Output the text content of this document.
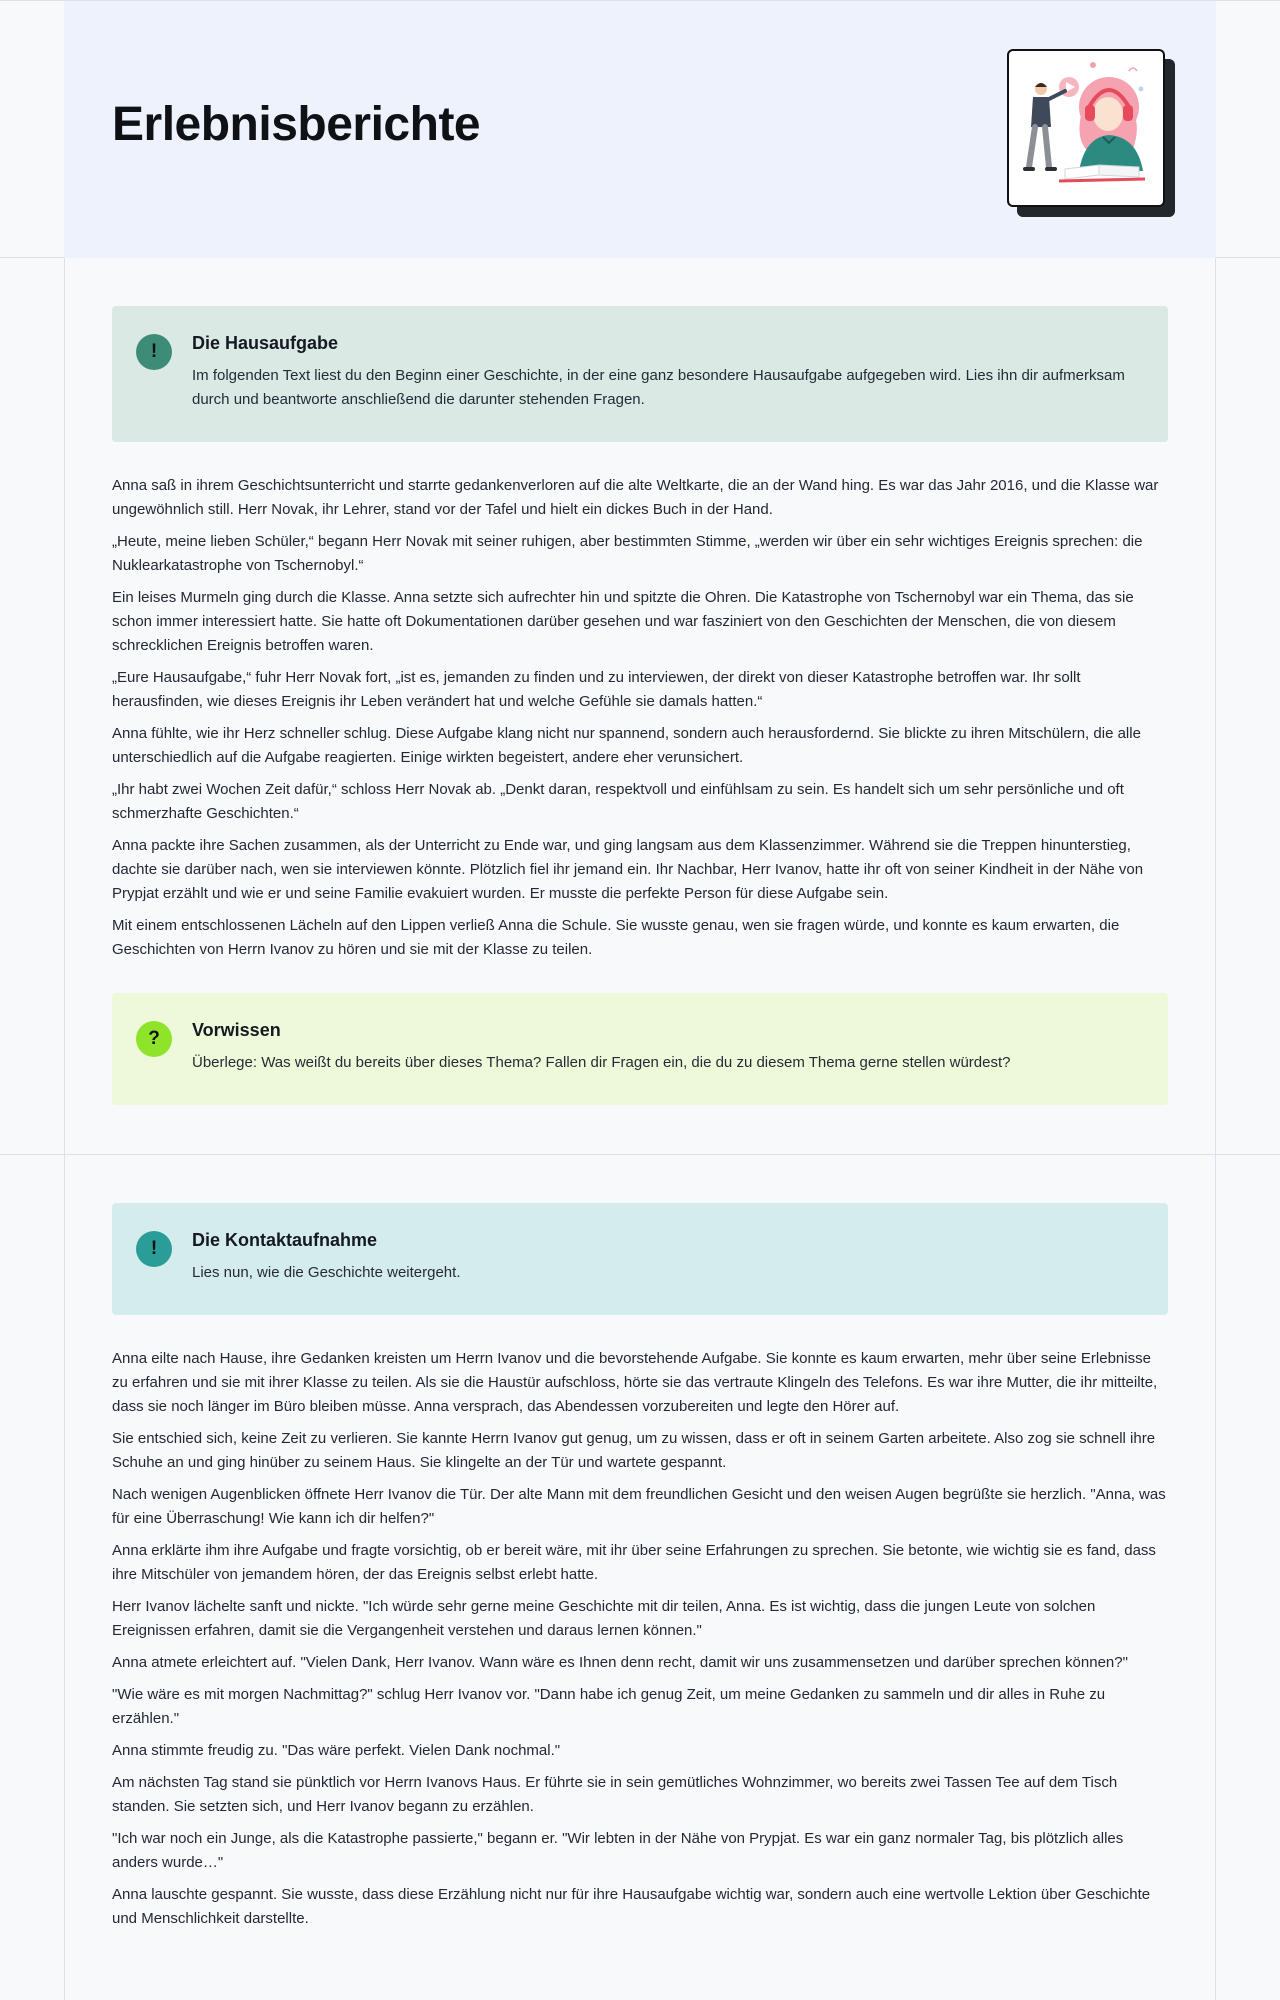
Erlebnisberichte
!	Die Hausaufgabe

Im folgenden Text liest du den Beginn einer Geschichte, in der eine ganz besondere Hausaufgabe aufgegeben wird. Lies ihn dir aufmerksam durch und beantworte anschließend die darunter stehenden Fragen.

Anna saß in ihrem Geschichtsunterricht und starrte gedankenverloren auf die alte Weltkarte, die an der Wand hing. Es war das Jahr 2016, und die Klasse war ungewöhnlich still. Herr Novak, ihr Lehrer, stand vor der Tafel und hielt ein dickes Buch in der Hand.

„Heute, meine lieben Schüler,“ begann Herr Novak mit seiner ruhigen, aber bestimmten Stimme, „werden wir über ein sehr wichtiges Ereignis sprechen: die Nuklearkatastrophe von Tschernobyl.“

Ein leises Murmeln ging durch die Klasse. Anna setzte sich aufrechter hin und spitzte die Ohren. Die Katastrophe von Tschernobyl war ein Thema, das sie schon immer interessiert hatte. Sie hatte oft Dokumentationen darüber gesehen und war fasziniert von den Geschichten der Menschen, die von diesem schrecklichen Ereignis betroffen waren.

„Eure Hausaufgabe,“ fuhr Herr Novak fort, „ist es, jemanden zu finden und zu interviewen, der direkt von dieser Katastrophe betroffen war. Ihr sollt herausfinden, wie dieses Ereignis ihr Leben verändert hat und welche Gefühle sie damals hatten.“

Anna fühlte, wie ihr Herz schneller schlug. Diese Aufgabe klang nicht nur spannend, sondern auch herausfordernd. Sie blickte zu ihren Mitschülern, die alle unterschiedlich auf die Aufgabe reagierten. Einige wirkten begeistert, andere eher verunsichert.

„Ihr habt zwei Wochen Zeit dafür,“ schloss Herr Novak ab. „Denkt daran, respektvoll und einfühlsam zu sein. Es handelt sich um sehr persönliche und oft schmerzhafte Geschichten.“

Anna packte ihre Sachen zusammen, als der Unterricht zu Ende war, und ging langsam aus dem Klassenzimmer. Während sie die Treppen hinunterstieg, dachte sie darüber nach, wen sie interviewen könnte. Plötzlich fiel ihr jemand ein. Ihr Nachbar, Herr Ivanov, hatte ihr oft von seiner Kindheit in der Nähe von Prypjat erzählt und wie er und seine Familie evakuiert wurden. Er musste die perfekte Person für diese Aufgabe sein.

Mit einem entschlossenen Lächeln auf den Lippen verließ Anna die Schule. Sie wusste genau, wen sie fragen würde, und konnte es kaum erwarten, die Geschichten von Herrn Ivanov zu hören und sie mit der Klasse zu teilen.

?	Vorwissen

Überlege: Was weißt du bereits über dieses Thema? Fallen dir Fragen ein, die du zu diesem Thema gerne stellen würdest?

!	Die Kontaktaufnahme

Lies nun, wie die Geschichte weitergeht.

Anna eilte nach Hause, ihre Gedanken kreisten um Herrn Ivanov und die bevorstehende Aufgabe. Sie konnte es kaum erwarten, mehr über seine Erlebnisse zu erfahren und sie mit ihrer Klasse zu teilen. Als sie die Haustür aufschloss, hörte sie das vertraute Klingeln des Telefons. Es war ihre Mutter, die ihr mitteilte, dass sie noch länger im Büro bleiben müsse. Anna versprach, das Abendessen vorzubereiten und legte den Hörer auf.

Sie entschied sich, keine Zeit zu verlieren. Sie kannte Herrn Ivanov gut genug, um zu wissen, dass er oft in seinem Garten arbeitete. Also zog sie schnell ihre Schuhe an und ging hinüber zu seinem Haus. Sie klingelte an der Tür und wartete gespannt.

Nach wenigen Augenblicken öffnete Herr Ivanov die Tür. Der alte Mann mit dem freundlichen Gesicht und den weisen Augen begrüßte sie herzlich. "Anna, was für eine Überraschung! Wie kann ich dir helfen?"

Anna erklärte ihm ihre Aufgabe und fragte vorsichtig, ob er bereit wäre, mit ihr über seine Erfahrungen zu sprechen. Sie betonte, wie wichtig sie es fand, dass ihre Mitschüler von jemandem hören, der das Ereignis selbst erlebt hatte.

Herr Ivanov lächelte sanft und nickte. "Ich würde sehr gerne meine Geschichte mit dir teilen, Anna. Es ist wichtig, dass die jungen Leute von solchen Ereignissen erfahren, damit sie die Vergangenheit verstehen und daraus lernen können."

Anna atmete erleichtert auf. "Vielen Dank, Herr Ivanov. Wann wäre es Ihnen denn recht, damit wir uns zusammensetzen und darüber sprechen können?"

"Wie wäre es mit morgen Nachmittag?" schlug Herr Ivanov vor. "Dann habe ich genug Zeit, um meine Gedanken zu sammeln und dir alles in Ruhe zu erzählen."

Anna stimmte freudig zu. "Das wäre perfekt. Vielen Dank nochmal."

Am nächsten Tag stand sie pünktlich vor Herrn Ivanovs Haus. Er führte sie in sein gemütliches Wohnzimmer, wo bereits zwei Tassen Tee auf dem Tisch standen. Sie setzten sich, und Herr Ivanov begann zu erzählen.

"Ich war noch ein Junge, als die Katastrophe passierte," begann er. "Wir lebten in der Nähe von Prypjat. Es war ein ganz normaler Tag, bis plötzlich alles anders wurde…"

Anna lauschte gespannt. Sie wusste, dass diese Erzählung nicht nur für ihre Hausaufgabe wichtig war, sondern auch eine wertvolle Lektion über Geschichte und Menschlichkeit darstellte.
